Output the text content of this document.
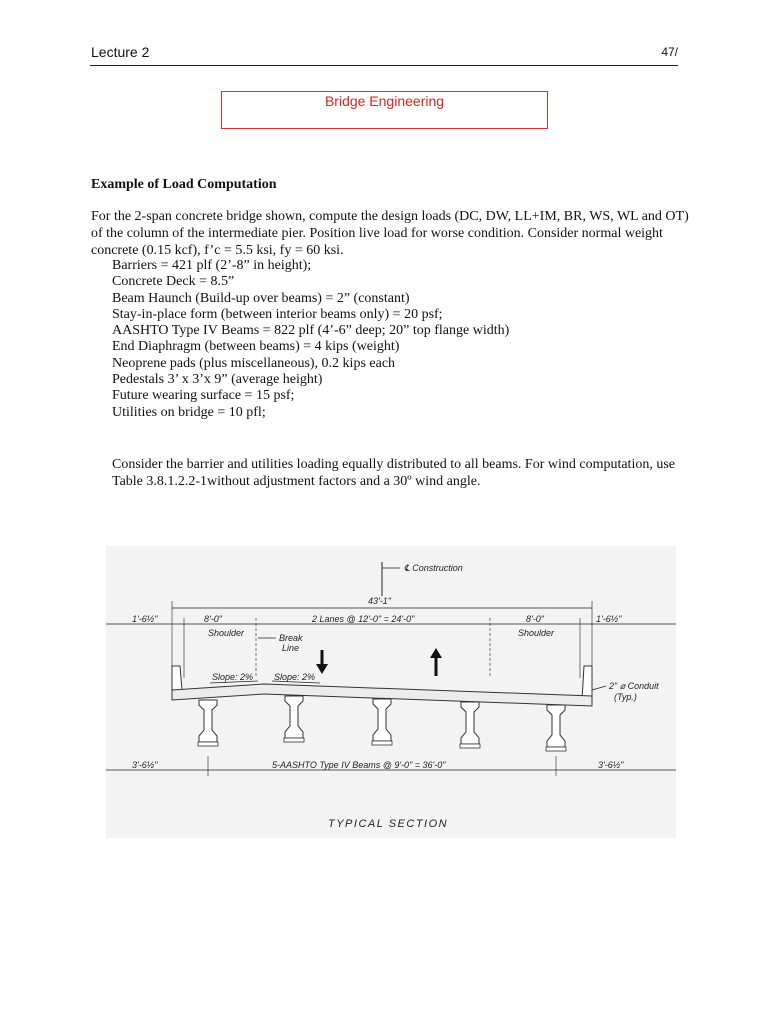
Lecture 2	47/
Bridge Engineering
Example of Load Computation
For the 2-span concrete bridge shown, compute the design loads (DC, DW, LL+IM, BR, WS, WL and OT) of the column of the intermediate pier. Position live load for worse condition. Consider normal weight concrete (0.15 kcf), f’c = 5.5 ksi, fy = 60 ksi.
Barriers = 421 plf (2’-8” in height);
Concrete Deck = 8.5”
Beam Haunch (Build-up over beams) = 2” (constant)
Stay-in-place form (between interior beams only) = 20 psf;
AASHTO Type IV Beams = 822 plf (4’-6” deep; 20” top flange width)
End Diaphragm (between beams) = 4 kips (weight)
Neoprene pads (plus miscellaneous), 0.2 kips each
Pedestals 3’ x 3’x 9” (average height)
Future wearing surface = 15 psf;
Utilities on bridge = 10 pfl;
Consider the barrier and utilities loading equally distributed to all beams. For wind computation, use Table 3.8.1.2.2-1without adjustment factors and a 30º wind angle.
℄ Construction
43'-1"
1'-6½"	8'-0"
Shoulder
2 Lanes @ 12'-0" = 24'-0"	8'-0"
Shoulder
1'-6½"
Break
Line
Slope: 2% Slope: 2%
2" ⌀ Conduit
(Typ.)
3'-6½"	5-AASHTO Type IV Beams @ 9'-0" = 36'-0"	3'-6½"
TYPICAL SECTION
